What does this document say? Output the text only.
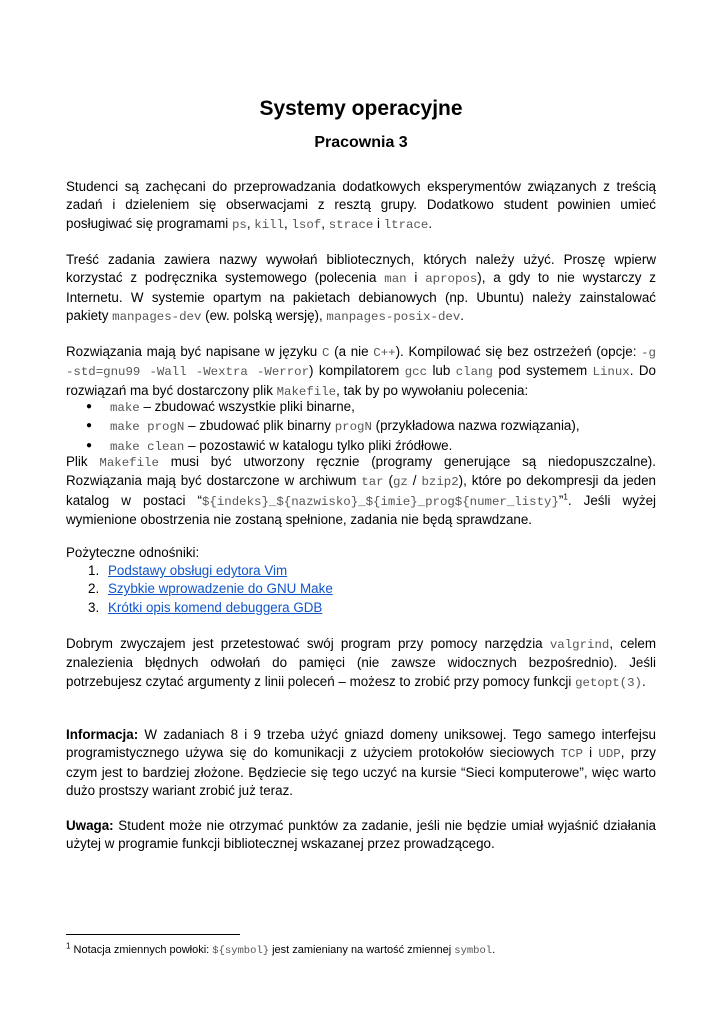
Systemy operacyjne
Pracownia 3

Studenci są zachęcani do przeprowadzania dodatkowych eksperymentów związanych z treścią zadań i dzieleniem się obserwacjami z resztą grupy. Dodatkowo student powinien umieć posługiwać się programami ps, kill, lsof, strace i ltrace.

Treść zadania zawiera nazwy wywołań bibliotecznych, których należy użyć. Proszę wpierw korzystać z podręcznika systemowego (polecenia man i apropos), a gdy to nie wystarczy z Internetu. W systemie opartym na pakietach debianowych (np. Ubuntu) należy zainstalować pakiety manpages-dev (ew. polską wersję), manpages-posix-dev.

Rozwiązania mają być napisane w języku C (a nie C++). Kompilować się bez ostrzeżeń (opcje: -g -std=gnu99 -Wall -Wextra -Werror) kompilatorem gcc lub clang pod systemem Linux. Do rozwiązań ma być dostarczony plik Makefile, tak by po wywołaniu polecenia:

● make – zbudować wszystkie pliki binarne,
● make progN – zbudować plik binarny progN (przykładowa nazwa rozwiązania),
● make clean – pozostawić w katalogu tylko pliki źródłowe.

Plik Makefile musi być utworzony ręcznie (programy generujące są niedopuszczalne). Rozwiązania mają być dostarczone w archiwum tar (gz / bzip2), które po dekompresji da jeden katalog w postaci “${indeks}_${nazwisko}_${imie}_prog${numer_listy}”$^1$. Jeśli wyżej wymienione obostrzenia nie zostaną spełnione, zadania nie będą sprawdzane.

Pożyteczne odnośniki:

1. Podstawy obsługi edytora Vim
2. Szybkie wprowadzenie do GNU Make
3. Krótki opis komend debuggera GDB

Dobrym zwyczajem jest przetestować swój program przy pomocy narzędzia valgrind, celem znalezienia błędnych odwołań do pamięci (nie zawsze widocznych bezpośrednio). Jeśli potrzebujesz czytać argumenty z linii poleceń – możesz to zrobić przy pomocy funkcji getopt(3).

Informacja: W zadaniach 8 i 9 trzeba użyć gniazd domeny uniksowej. Tego samego interfejsu programistycznego używa się do komunikacji z użyciem protokołów sieciowych TCP i UDP, przy czym jest to bardziej złożone. Będziecie się tego uczyć na kursie “Sieci komputerowe”, więc warto dużo prostszy wariant zrobić już teraz.

Uwaga: Student może nie otrzymać punktów za zadanie, jeśli nie będzie umiał wyjaśnić działania użytej w programie funkcji bibliotecznej wskazanej przez prowadzącego.

$^1$ Notacja zmiennych powłoki: ${symbol} jest zamieniany na wartość zmiennej symbol.
